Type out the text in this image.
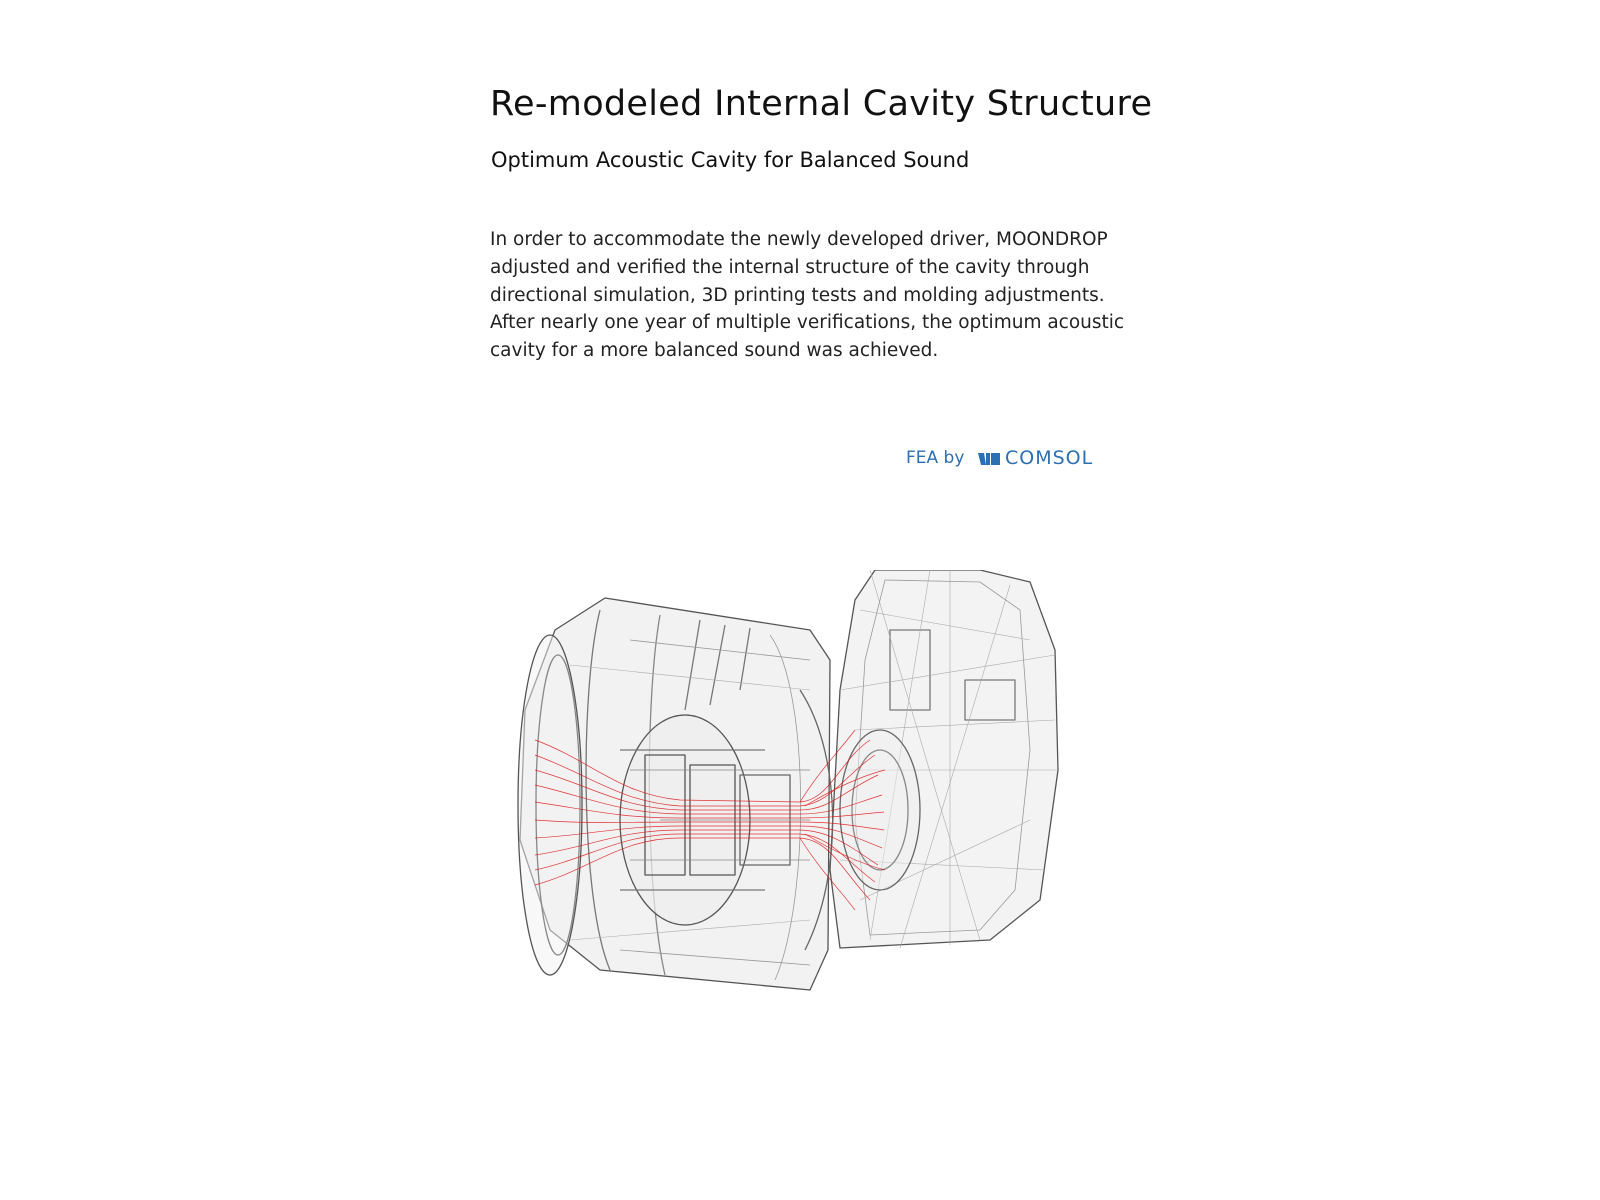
Re-modeled Internal Cavity Structure
Optimum Acoustic Cavity for Balanced Sound

In order to accommodate the newly developed driver, MOONDROP
adjusted and verified the internal structure of the cavity through
directional simulation, 3D printing tests and molding adjustments.
After nearly one year of multiple verifications, the optimum acoustic
cavity for a more balanced sound was achieved.

FEA by COMSOL
